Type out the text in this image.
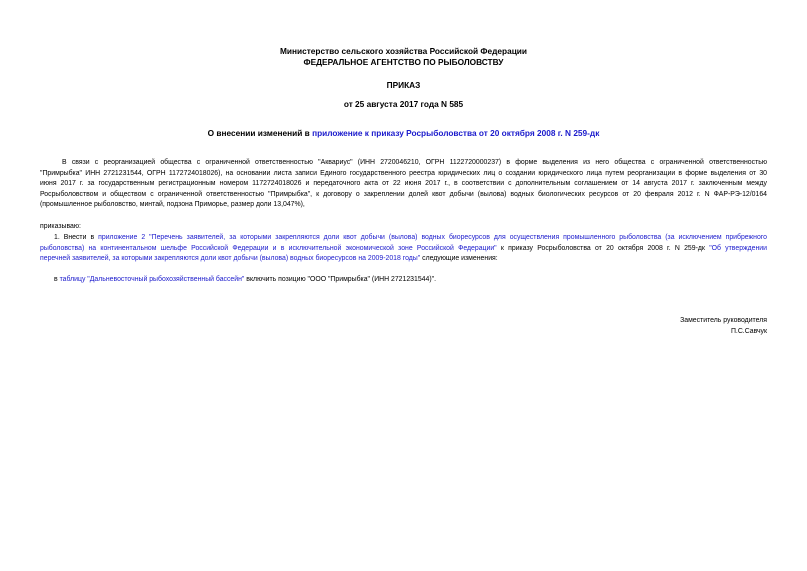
Министерство сельского хозяйства Российской Федерации
ФЕДЕРАЛЬНОЕ АГЕНТСТВО ПО РЫБОЛОВСТВУ
ПРИКАЗ
от 25 августа 2017 года N 585
О внесении изменений в приложение к приказу Росрыболовства от 20 октября 2008 г. N 259-дк
В связи с реорганизацией общества с ограниченной ответственностью "Аквариус" (ИНН 2720046210, ОГРН 1122720000237) в форме выделения из него общества с ограниченной ответственностью
"Примрыбка" ИНН 2721231544, ОГРН 1172724018026), на основании листа записи Единого государственного реестра юридических лиц о создании юридического лица путем реорганизации в форме выделения от 30
июня 2017 г. за государственным регистрационным номером 1172724018026 и передаточного акта от 22 июня 2017 г., в соответствии с дополнительным соглашением от 14 августа 2017 г. заключенным между
Росрыболовством и обществом с ограниченной ответственностью "Примрыбка", к договору о закреплении долей квот добычи (вылова) водных биологических ресурсов от 20 февраля 2012 г. N ФАР-РЭ-12/0164
(промышленное рыболовство, минтай, подзона Приморье, размер доли 13,047%),
приказываю:
1. Внести в приложение 2 "Перечень заявителей, за которыми закрепляются доли квот добычи (вылова) водных биоресурсов для осуществления промышленного рыболовства (за исключением прибрежного
рыболовства) на континентальном шельфе Российской Федерации и в исключительной экономической зоне Российской Федерации" к приказу Росрыболовства от 20 октября 2008 г. N 259-дк "Об утверждении
перечней заявителей, за которыми закрепляются доли квот добычи (вылова) водных биоресурсов на 2009-2018 годы" следующие изменения:
в таблицу "Дальневосточный рыбохозяйственный бассейн" включить позицию "ООО "Примрыбка" (ИНН 2721231544)".
Заместитель руководителя
П.С.Савчук
